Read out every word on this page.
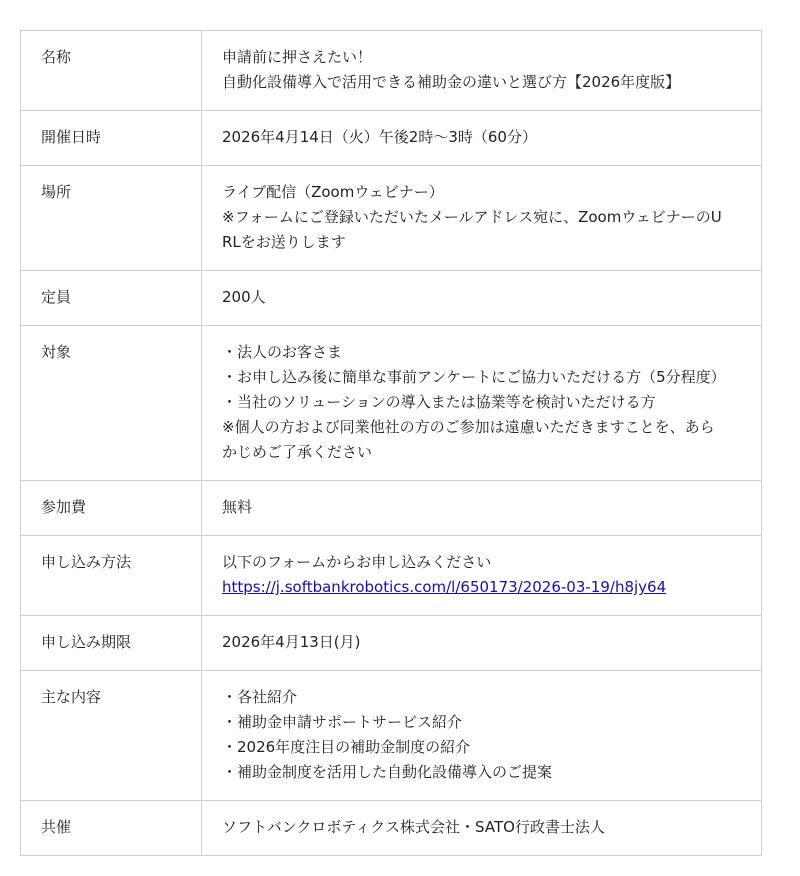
名称	申請前に押さえたい！
自動化設備導入で活用できる補助金の違いと選び方【2026年度版】

開催日時	2026年4月14日（火）午後2時～3時（60分）

場所	ライブ配信（Zoomウェビナー）
※フォームにご登録いただいたメールアドレス宛に、ZoomウェビナーのU
RLをお送りします

定員	200人

対象	・法人のお客さま
・お申し込み後に簡単な事前アンケートにご協力いただける方（5分程度）
・当社のソリューションの導入または協業等を検討いただける方
※個人の方および同業他社の方のご参加は遠慮いただきますことを、あら
かじめご了承ください

参加費	無料

申し込み方法	以下のフォームからお申し込みください
https://j.softbankrobotics.com/l/650173/2026-03-19/h8jy64

申し込み期限	2026年4月13日(月)

主な内容	・各社紹介
・補助金申請サポートサービス紹介
・2026年度注目の補助金制度の紹介
・補助金制度を活用した自動化設備導入のご提案

共催	ソフトバンクロボティクス株式会社・SATO行政書士法人
